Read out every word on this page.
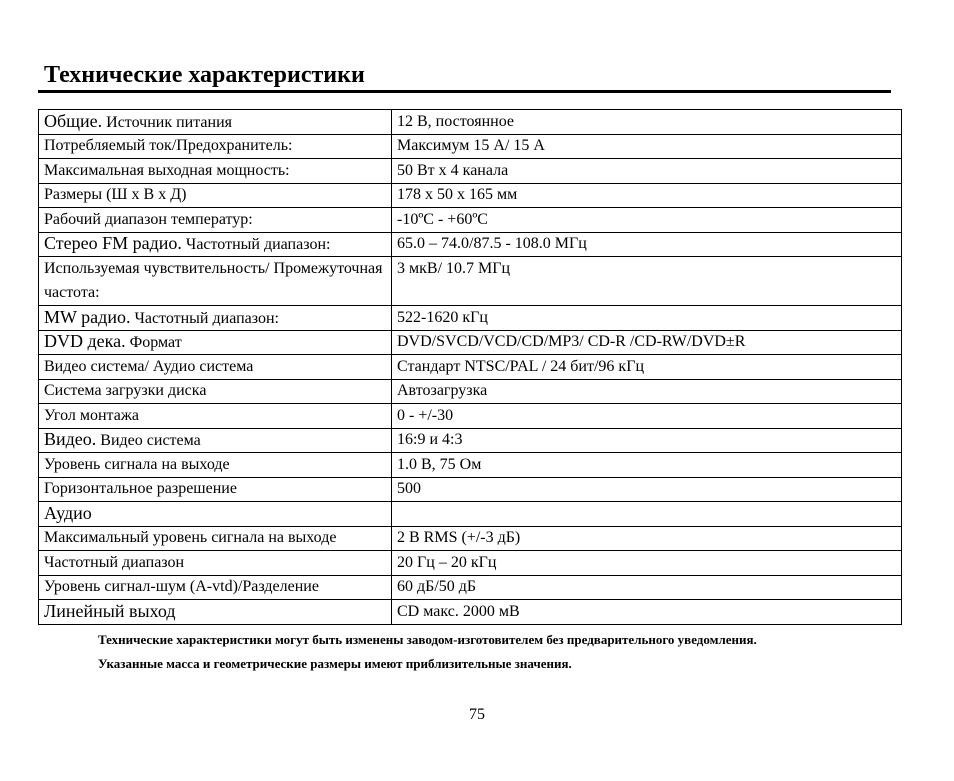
Технические характеристики
Общие. Источник питания	12 В, постоянное
Потребляемый ток/Предохранитель:	Максимум 15 А/ 15 А
Максимальная выходная мощность:	50 Вт x 4 канала
Размеры (Ш x В x Д)	178 x 50 x 165 мм
Рабочий диапазон температур:	-10ºC - +60ºC
Стерео FM радио. Частотный диапазон:	65.0 – 74.0/87.5 - 108.0 МГц
Используемая чувствительность/ Промежуточная частота:	3 мкВ/ 10.7 МГц
MW радио. Частотный диапазон:	522-1620 кГц
DVD дека. Формат	DVD/SVCD/VCD/CD/MP3/ CD-R /CD-RW/DVD±R
Видео система/ Аудио система	Стандарт NTSC/PAL / 24 бит/96 кГц
Система загрузки диска	Автозагрузка
Угол монтажа	0 - +/-30
Видео. Видео система	16:9 и 4:3
Уровень сигнала на выходе	1.0 В, 75 Ом
Горизонтальное разрешение	500
Аудио	
Максимальный уровень сигнала на выходе	2 В RMS (+/-3 дБ)
Частотный диапазон	20 Гц – 20 кГц
Уровень сигнал-шум (A-vtd)/Разделение	60 дБ/50 дБ
Линейный выход	CD макс. 2000 мВ
Технические характеристики могут быть изменены заводом-изготовителем без предварительного уведомления.
Указанные масса и геометрические размеры имеют приблизительные значения.
75
